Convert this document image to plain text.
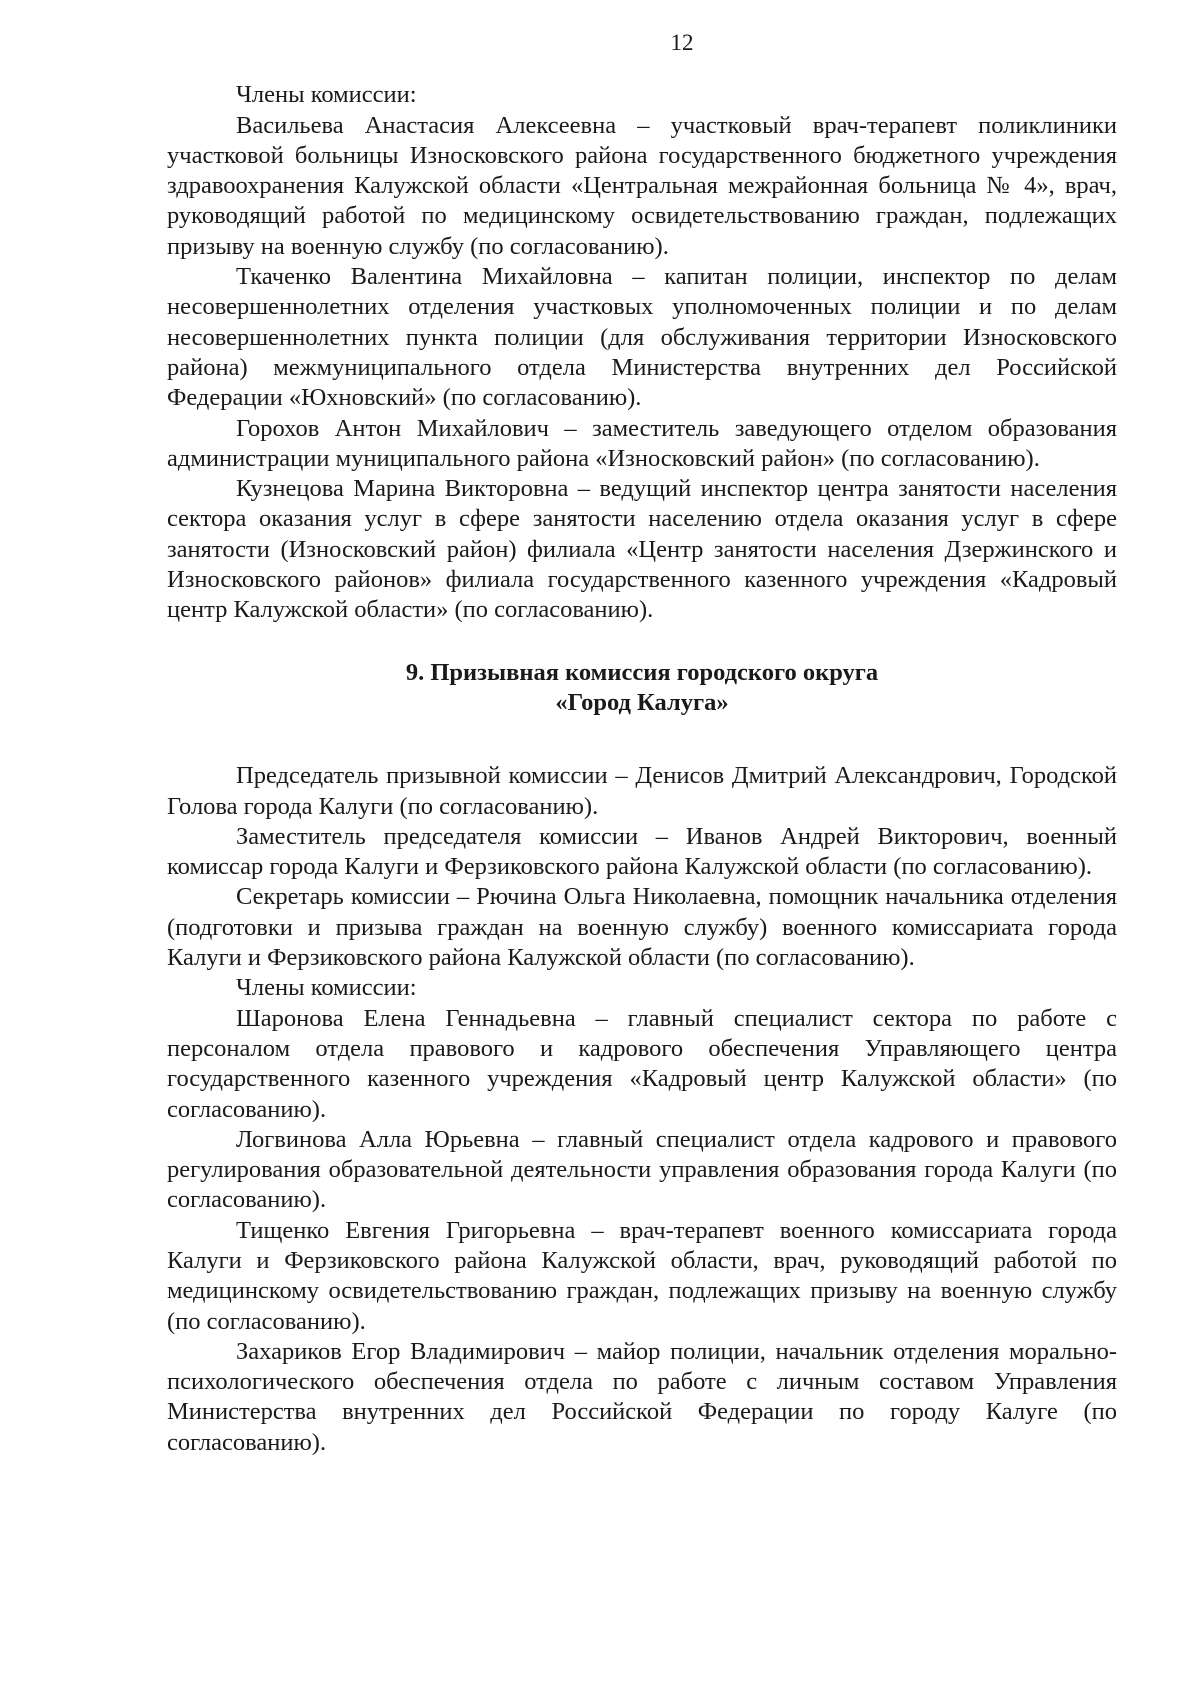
12

Члены комиссии:

Васильева Анастасия Алексеевна – участковый врач-терапевт поликлиники участковой больницы Износковского района государственного бюджетного учреждения здравоохранения Калужской области «Центральная межрайонная больница № 4», врач, руководящий работой по медицинскому освидетельствованию граждан, подлежащих призыву на военную службу (по согласованию).

Ткаченко Валентина Михайловна – капитан полиции, инспектор по делам несовершеннолетних отделения участковых уполномоченных полиции и по делам несовершеннолетних пункта полиции (для обслуживания территории Износковского района) межмуниципального отдела Министерства внутренних дел Российской Федерации «Юхновский» (по согласованию).

Горохов Антон Михайлович – заместитель заведующего отделом образования администрации муниципального района «Износковский район» (по согласованию).

Кузнецова Марина Викторовна – ведущий инспектор центра занятости населения сектора оказания услуг в сфере занятости населению отдела оказания услуг в сфере занятости (Износковский район) филиала «Центр занятости населения Дзержинского и Износковского районов» филиала государственного казенного учреждения «Кадровый центр Калужской области» (по согласованию).

9. Призывная комиссия городского округа
«Город Калуга»

Председатель призывной комиссии – Денисов Дмитрий Александрович, Городской Голова города Калуги (по согласованию).

Заместитель председателя комиссии – Иванов Андрей Викторович, военный комиссар города Калуги и Ферзиковского района Калужской области (по согласованию).

Секретарь комиссии – Рючина Ольга Николаевна, помощник начальника отделения (подготовки и призыва граждан на военную службу) военного комиссариата города Калуги и Ферзиковского района Калужской области (по согласованию).

Члены комиссии:

Шаронова Елена Геннадьевна – главный специалист сектора по работе с персоналом отдела правового и кадрового обеспечения Управляющего центра государственного казенного учреждения «Кадровый центр Калужской области» (по согласованию).

Логвинова Алла Юрьевна – главный специалист отдела кадрового и правового регулирования образовательной деятельности управления образования города Калуги (по согласованию).

Тищенко Евгения Григорьевна – врач-терапевт военного комиссариата города Калуги и Ферзиковского района Калужской области, врач, руководящий работой по медицинскому освидетельствованию граждан, подлежащих призыву на военную службу (по согласованию).

Захариков Егор Владимирович – майор полиции, начальник отделения морально-психологического обеспечения отдела по работе с личным составом Управления Министерства внутренних дел Российской Федерации по городу Калуге (по согласованию).
